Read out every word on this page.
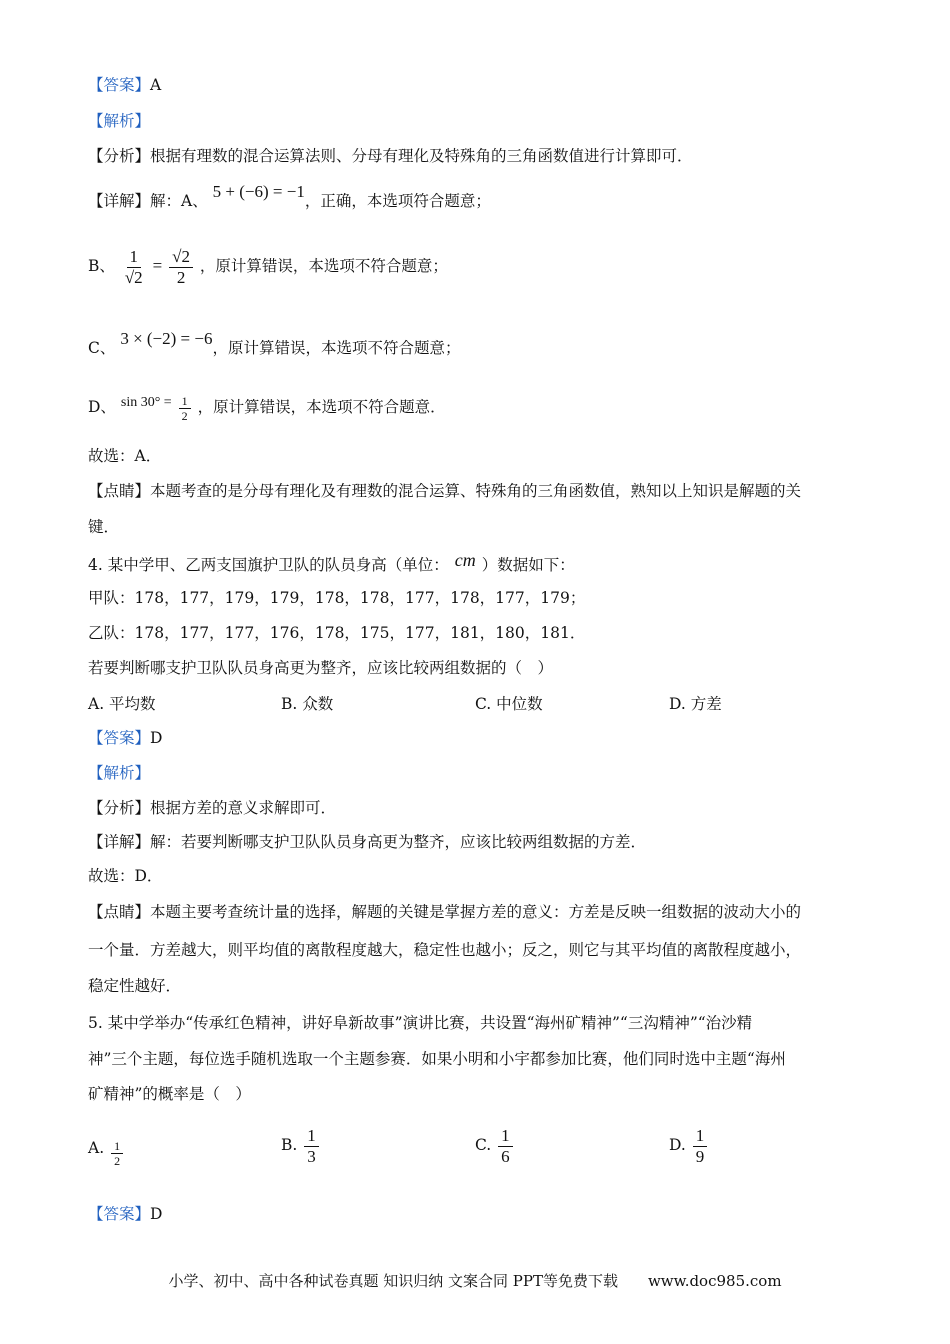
【答案】A
【解析】
【分析】根据有理数的混合运算法则、分母有理化及特殊角的三角函数值进行计算即可．
【详解】解：A、 5 + (−6) = −1，正确，本选项符合题意；
B、 $\frac{1}{√2} = \frac{√2}{2}$ ，原计算错误，本选项不符合题意；
C、 3 × (−2) = −6，原计算错误，本选项不符合题意；
D、 $\sin 30^\circ = \frac{1}{2}$ ，原计算错误，本选项不符合题意．
故选：A．
【点睛】本题考查的是分母有理化及有理数的混合运算、特殊角的三角函数值，熟知以上知识是解题的关
键．
4. 某中学甲、乙两支国旗护卫队的队员身高（单位： cm ）数据如下：
甲队：178，177，179，179，178，178，177，178，177，179；
乙队：178，177，177，176，178，175，177，181，180，181．
若要判断哪支护卫队队员身高更为整齐，应该比较两组数据的（　）
A. 平均数	B. 众数	C. 中位数	D. 方差
【答案】D
【解析】
【分析】根据方差的意义求解即可．
【详解】解：若要判断哪支护卫队队员身高更为整齐，应该比较两组数据的方差．
故选：D．
【点睛】本题主要考查统计量的选择，解题的关键是掌握方差的意义：方差是反映一组数据的波动大小的
一个量．方差越大，则平均值的离散程度越大，稳定性也越小；反之，则它与其平均值的离散程度越小，
稳定性越好．
5. 某中学举办“传承红色精神，讲好阜新故事”演讲比赛，共设置“海州矿精神”“三沟精神”“治沙精
神”三个主题，每位选手随机选取一个主题参赛．如果小明和小宇都参加比赛，他们同时选中主题“海州
矿精神”的概率是（　）
A. $\frac{1}{2}$	B. $\frac{1}{3}$	C. $\frac{1}{6}$	D. $\frac{1}{9}$
【答案】D
小学、初中、高中各种试卷真题 知识归纳 文案合同 PPT等免费下载　　www.doc985.com
